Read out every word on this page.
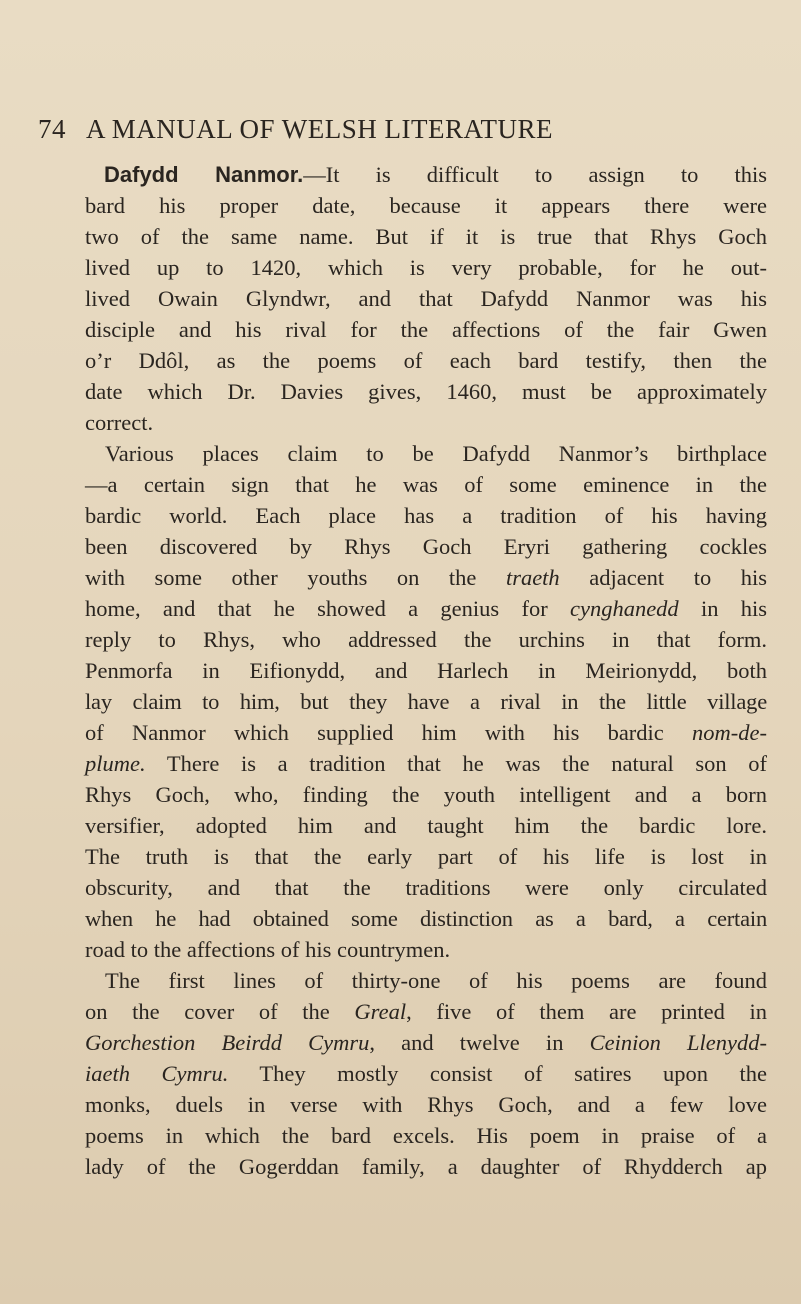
74 A MANUAL OF WELSH LITERATURE
Dafydd Nanmor.—It is difficult to assign to this
bard his proper date, because it appears there were
two of the same name. But if it is true that Rhys Goch
lived up to 1420, which is very probable, for he out-
lived Owain Glyndwr, and that Dafydd Nanmor was his
disciple and his rival for the affections of the fair Gwen
o’r Ddôl, as the poems of each bard testify, then the
date which Dr. Davies gives, 1460, must be approximately
correct.
Various places claim to be Dafydd Nanmor’s birthplace
—a certain sign that he was of some eminence in the
bardic world. Each place has a tradition of his having
been discovered by Rhys Goch Eryri gathering cockles
with some other youths on the traeth adjacent to his
home, and that he showed a genius for cynghanedd in his
reply to Rhys, who addressed the urchins in that form.
Penmorfa in Eifionydd, and Harlech in Meirionydd, both
lay claim to him, but they have a rival in the little village
of Nanmor which supplied him with his bardic nom-de-
plume. There is a tradition that he was the natural son of
Rhys Goch, who, finding the youth intelligent and a born
versifier, adopted him and taught him the bardic lore.
The truth is that the early part of his life is lost in
obscurity, and that the traditions were only circulated
when he had obtained some distinction as a bard, a certain
road to the affections of his countrymen.
The first lines of thirty-one of his poems are found
on the cover of the Greal, five of them are printed in
Gorchestion Beirdd Cymru, and twelve in Ceinion Llenydd-
iaeth Cymru. They mostly consist of satires upon the
monks, duels in verse with Rhys Goch, and a few love
poems in which the bard excels. His poem in praise of a
lady of the Gogerddan family, a daughter of Rhydderch ap
